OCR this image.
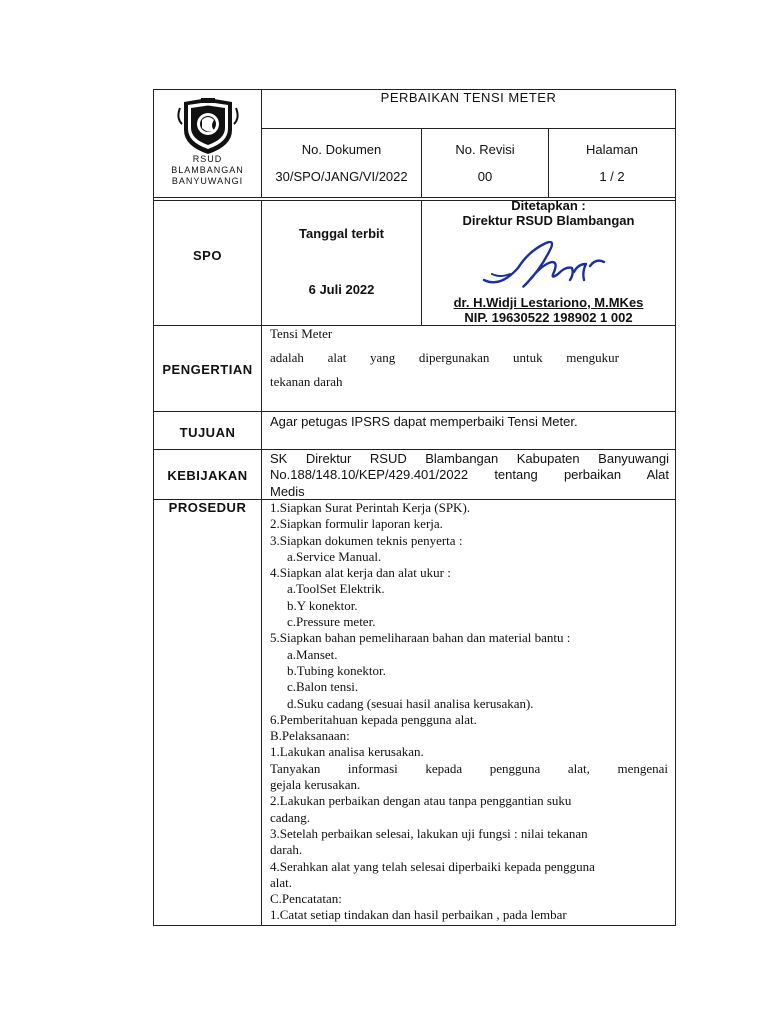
RSUD
BLAMBANGAN
BANYUWANGI
PERBAIKAN TENSI METER
No. Dokumen
30/SPO/JANG/VI/2022
No. Revisi
00
Halaman
1 / 2
SPO
Tanggal terbit
6 Juli 2022
Ditetapkan :
Direktur RSUD Blambangan
dr. H.Widji Lestariono, M.MKes
NIP. 19630522 198902 1 002
PENGERTIAN
Tensi Meter
adalah alat yang dipergunakan untuk mengukur
tekanan darah
TUJUAN
Agar petugas IPSRS dapat memperbaiki Tensi Meter.
KEBIJAKAN
SK Direktur RSUD Blambangan Kabupaten Banyuwangi
No.188/148.10/KEP/429.401/2022 tentang perbaikan Alat
Medis
PROSEDUR	1.Siapkan Surat Perintah Kerja (SPK).
2.Siapkan formulir laporan kerja.
3.Siapkan dokumen teknis penyerta :
a.Service Manual.
4.Siapkan alat kerja dan alat ukur :
a.ToolSet Elektrik.
b.Y konektor.
c.Pressure meter.
5.Siapkan bahan pemeliharaan bahan dan material bantu :
a.Manset.
b.Tubing konektor.
c.Balon tensi.
d.Suku cadang (sesuai hasil analisa kerusakan).
6.Pemberitahuan kepada pengguna alat.
B.Pelaksanaan:
1.Lakukan analisa kerusakan.
Tanyakan informasi kepada pengguna alat, mengenai
gejala kerusakan.
2.Lakukan perbaikan dengan atau tanpa penggantian suku
cadang.
3.Setelah perbaikan selesai, lakukan uji fungsi : nilai tekanan
darah.
4.Serahkan alat yang telah selesai diperbaiki kepada pengguna
alat.
C.Pencatatan:
1.Catat setiap tindakan dan hasil perbaikan , pada lembar
